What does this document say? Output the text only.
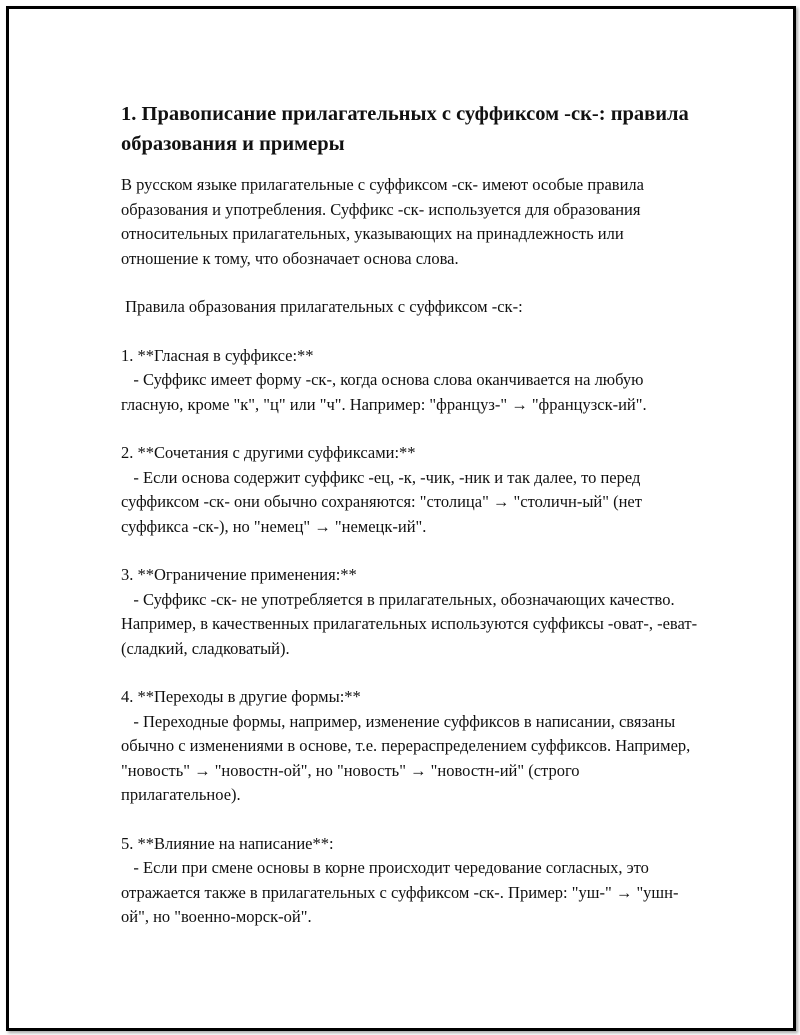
1. Правописание прилагательных с суффиксом -ск-: правила образования и примеры

В русском языке прилагательные с суффиксом -ск- имеют особые правила образования и употребления. Суффикс -ск- используется для образования относительных прилагательных, указывающих на принадлежность или отношение к тому, что обозначает основа слова.

Правила образования прилагательных с суффиксом -ск-:

1. **Гласная в суффиксе:**
- Суффикс имеет форму -ск-, когда основа слова оканчивается на любую гласную, кроме "к", "ц" или "ч". Например: "француз-" → "французск-ий".
2. **Сочетания с другими суффиксами:**
- Если основа содержит суффикс -ец, -к, -чик, -ник и так далее, то перед суффиксом -ск- они обычно сохраняются: "столица" → "столичн-ый" (нет суффикса -ск-), но "немец" → "немецк-ий".
3. **Ограничение применения:**
- Суффикс -ск- не употребляется в прилагательных, обозначающих качество. Например, в качественных прилагательных используются суффиксы -оват-, -еват- (сладкий, сладковатый).
4. **Переходы в другие формы:**
- Переходные формы, например, изменение суффиксов в написании, связаны обычно с изменениями в основе, т.е. перераспределением суффиксов. Например, "новость" → "новостн-ой", но "новость" → "новостн-ий" (строго прилагательное).
5. **Влияние на написание**:
- Если при смене основы в корне происходит чередование согласных, это отражается также в прилагательных с суффиксом -ск-. Пример: "уш-" → "ушн-ой", но "военно-морск-ой".
